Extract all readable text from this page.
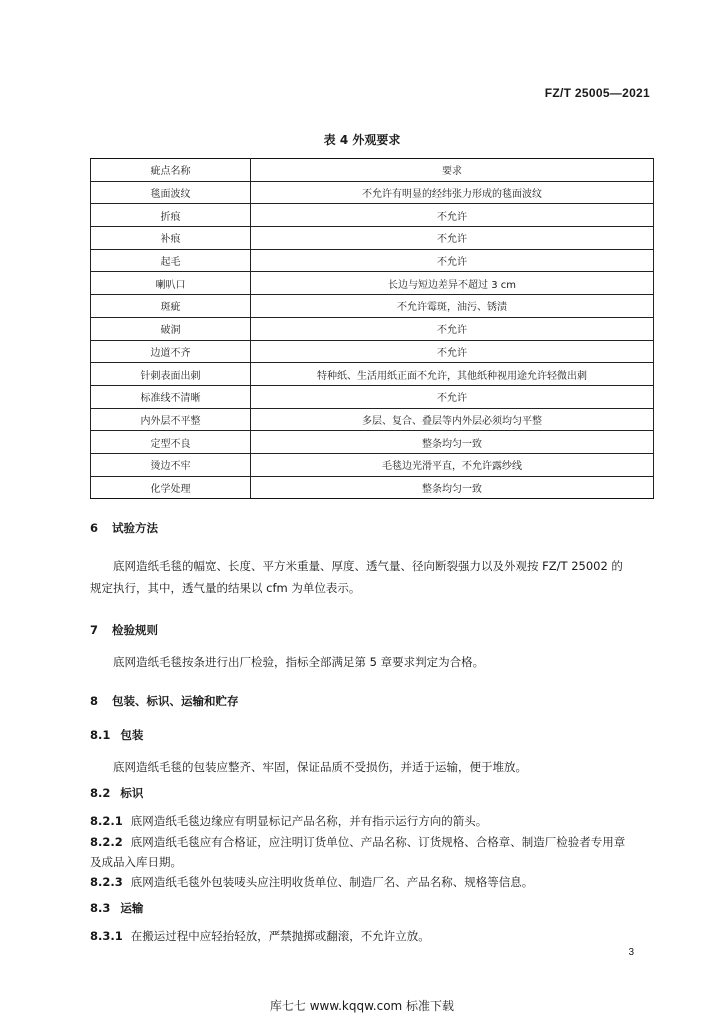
FZ/T 25005—2021
表 4 外观要求
疵点名称	要求
毯面波纹	不允许有明显的经纬张力形成的毯面波纹
折痕	不允许
补痕	不允许
起毛	不允许
喇叭口	长边与短边差异不超过 3 cm
斑疵	不允许霉斑，油污、锈渍
破洞	不允许
边道不齐	不允许
针刺表面出刺	特种纸、生活用纸正面不允许，其他纸种视用途允许轻微出刺
标准线不清晰	不允许
内外层不平整	多层、复合、叠层等内外层必须均匀平整
定型不良	整条均匀一致
烫边不牢	毛毯边光滑平直，不允许露纱线
化学处理	整条均匀一致
6 试验方法
底网造纸毛毯的幅宽、长度、平方米重量、厚度、透气量、径向断裂强力以及外观按 FZ/T 25002 的
规定执行，其中，透气量的结果以 cfm 为单位表示。
7 检验规则
底网造纸毛毯按条进行出厂检验，指标全部满足第 5 章要求判定为合格。
8 包装、标识、运输和贮存
8.1 包装
底网造纸毛毯的包装应整齐、牢固，保证品质不受损伤，并适于运输，便于堆放。
8.2 标识
8.2.1 底网造纸毛毯边缘应有明显标记产品名称，并有指示运行方向的箭头。
8.2.2 底网造纸毛毯应有合格证，应注明订货单位、产品名称、订货规格、合格章、制造厂检验者专用章
及成品入库日期。
8.2.3 底网造纸毛毯外包装唛头应注明收货单位、制造厂名、产品名称、规格等信息。
8.3 运输
8.3.1 在搬运过程中应轻抬轻放，严禁抛掷或翻滚，不允许立放。
3
库七七 www.kqqw.com 标准下载
